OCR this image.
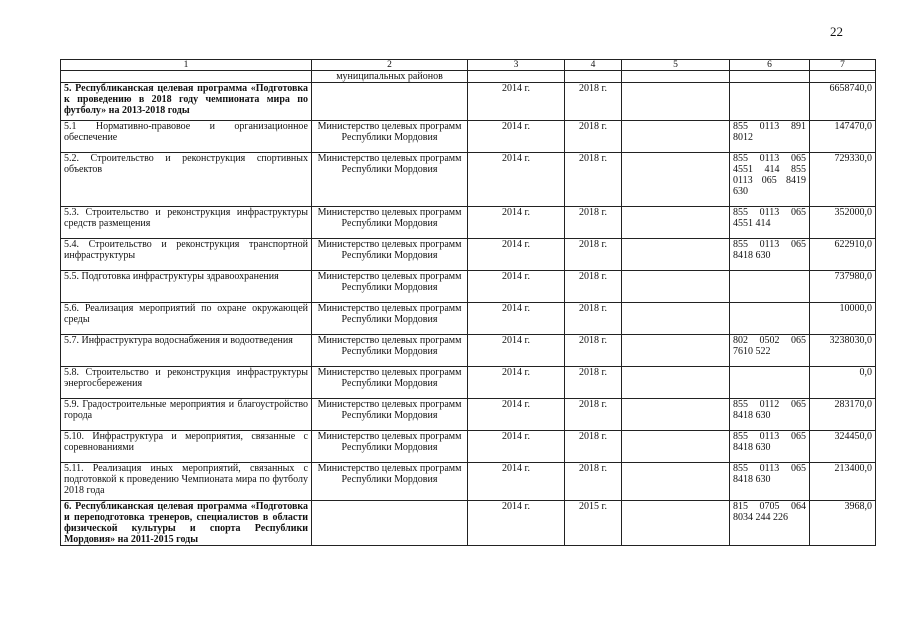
22
1	2	3	4	5	6	7
	муниципальных районов					
5. Республиканская целевая программа «Подготовка к проведению в 2018 году чемпионата мира по футболу» на 2013-2018 годы		2014 г.	2018 г.			6658740,0
5.1 Нормативно-правовое и организационное обеспечение	Министерство целевых программ Республики Мордовия	2014 г.	2018 г.		855 0113 891 8012	147470,0
5.2. Строительство и реконструкция спортивных объектов	Министерство целевых программ Республики Мордовия	2014 г.	2018 г.		855 0113 065 4551 414 855 0113 065 8419 630	729330,0
5.3. Строительство и реконструкция инфраструктуры средств размещения	Министерство целевых программ Республики Мордовия	2014 г.	2018 г.		855 0113 065 4551 414	352000,0
5.4. Строительство и реконструкция транспортной инфраструктуры	Министерство целевых программ Республики Мордовия	2014 г.	2018 г.		855 0113 065 8418 630	622910,0
5.5. Подготовка инфраструктуры здравоохранения	Министерство целевых программ Республики Мордовия	2014 г.	2018 г.			737980,0
5.6. Реализация мероприятий по охране окружающей среды	Министерство целевых программ Республики Мордовия	2014 г.	2018 г.			10000,0
5.7. Инфраструктура водоснабжения и водоотведения	Министерство целевых программ Республики Мордовия	2014 г.	2018 г.		802 0502 065 7610 522	3238030,0
5.8. Строительство и реконструкция инфраструктуры энергосбережения	Министерство целевых программ Республики Мордовия	2014 г.	2018 г.			0,0
5.9. Градостроительные мероприятия и благоустройство города	Министерство целевых программ Республики Мордовия	2014 г.	2018 г.		855 0112 065 8418 630	283170,0
5.10. Инфраструктура и мероприятия, связанные с соревнованиями	Министерство целевых программ Республики Мордовия	2014 г.	2018 г.		855 0113 065 8418 630	324450,0
5.11. Реализация иных мероприятий, связанных с подготовкой к проведению Чемпионата мира по футболу 2018 года	Министерство целевых программ Республики Мордовия	2014 г.	2018 г.		855 0113 065 8418 630	213400,0
6. Республиканская целевая программа «Подготовка и переподготовка тренеров, специалистов в области физической культуры и спорта Республики Мордовия» на 2011-2015 годы		2014 г.	2015 г.		815 0705 064 8034 244 226	3968,0
